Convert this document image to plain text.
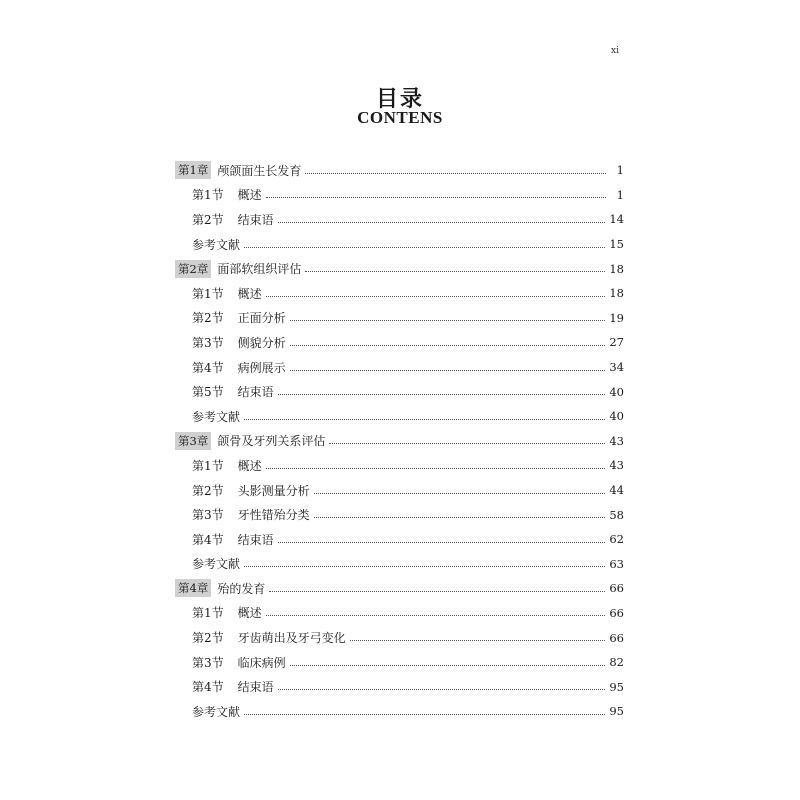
xi
目录
CONTENS
第1章 颅颌面生长发育	1
第1节 概述	1
第2节 结束语	14
参考文献	15
第2章 面部软组织评估	18
第1节 概述	18
第2节 正面分析	19
第3节 侧貌分析	27
第4节 病例展示	34
第5节 结束语	40
参考文献	40
第3章 颌骨及牙列关系评估	43
第1节 概述	43
第2节 头影测量分析	44
第3节 牙性错殆分类	58
第4节 结束语	62
参考文献	63
第4章 殆的发育	66
第1节 概述	66
第2节 牙齿萌出及牙弓变化	66
第3节 临床病例	82
第4节 结束语	95
参考文献	95
